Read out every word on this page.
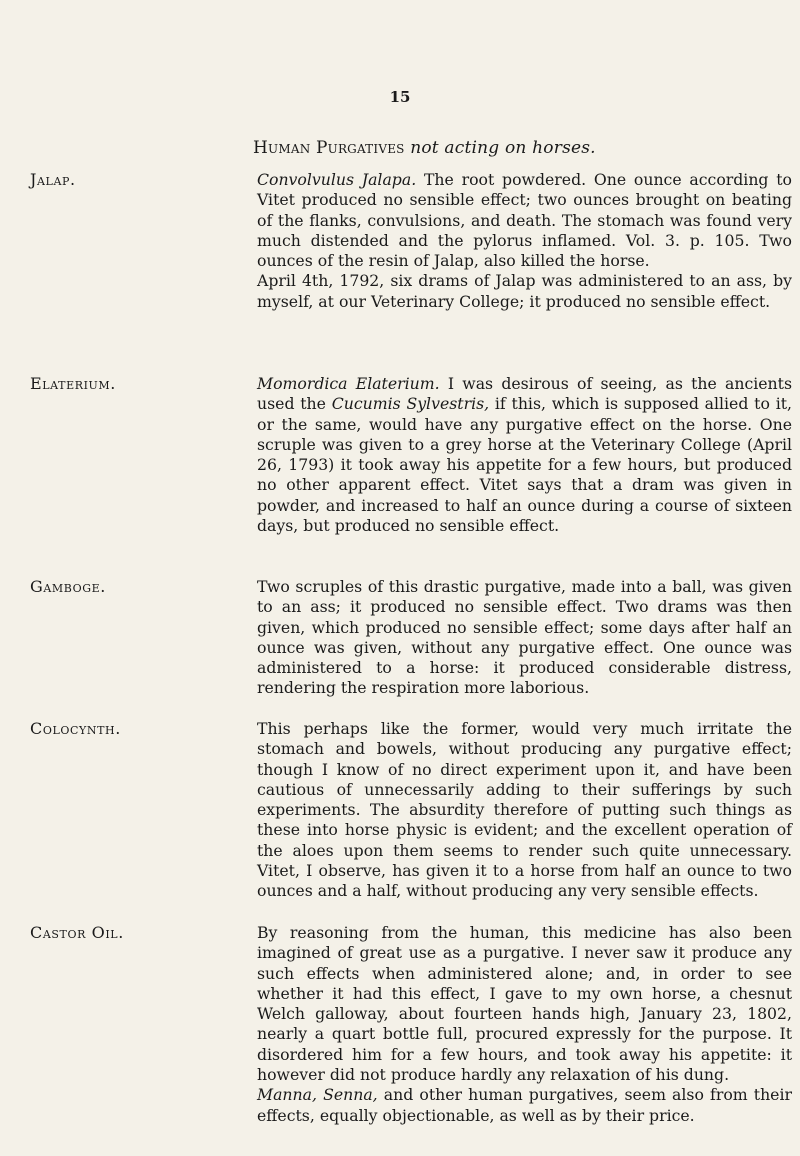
15
Human Purgatives not acting on horses.
Jalap.	Convolvulus Jalapa. The root powdered. One ounce according to Vitet produced no sensible effect; two ounces brought on beating of the flanks, convulsions, and death. The stomach was found very much distended and the pylorus inflamed. Vol. 3. p. 105. Two ounces of the resin of Jalap, also killed the horse.

April 4th, 1792, six drams of Jalap was administered to an ass, by myself, at our Veterinary College; it produced no sensible effect.

Elaterium.	Momordica Elaterium. I was desirous of seeing, as the ancients used the Cucumis Sylvestris, if this, which is supposed allied to it, or the same, would have any purgative effect on the horse. One scruple was given to a grey horse at the Veterinary College (April 26, 1793) it took away his appetite for a few hours, but produced no other apparent effect. Vitet says that a dram was given in powder, and increased to half an ounce during a course of sixteen days, but produced no sensible effect.

Gamboge.	Two scruples of this drastic purgative, made into a ball, was given to an ass; it produced no sensible effect. Two drams was then given, which produced no sensible effect; some days after half an ounce was given, without any purgative effect. One ounce was administered to a horse: it produced considerable distress, rendering the respiration more laborious.

Colocynth.	This perhaps like the former, would very much irritate the stomach and bowels, without producing any purgative effect; though I know of no direct experiment upon it, and have been cautious of unnecessarily adding to their sufferings by such experiments. The absurdity therefore of putting such things as these into horse physic is evident; and the excellent operation of the aloes upon them seems to render such quite unnecessary. Vitet, I observe, has given it to a horse from half an ounce to two ounces and a half, without producing any very sensible effects.

Castor Oil.	By reasoning from the human, this medicine has also been imagined of great use as a purgative. I never saw it produce any such effects when administered alone; and, in order to see whether it had this effect, I gave to my own horse, a chesnut Welch galloway, about fourteen hands high, January 23, 1802, nearly a quart bottle full, procured expressly for the purpose. It disordered him for a few hours, and took away his appetite: it however did not produce hardly any relaxation of his dung.

Manna, Senna, and other human purgatives, seem also from their effects, equally objectionable, as well as by their price.
